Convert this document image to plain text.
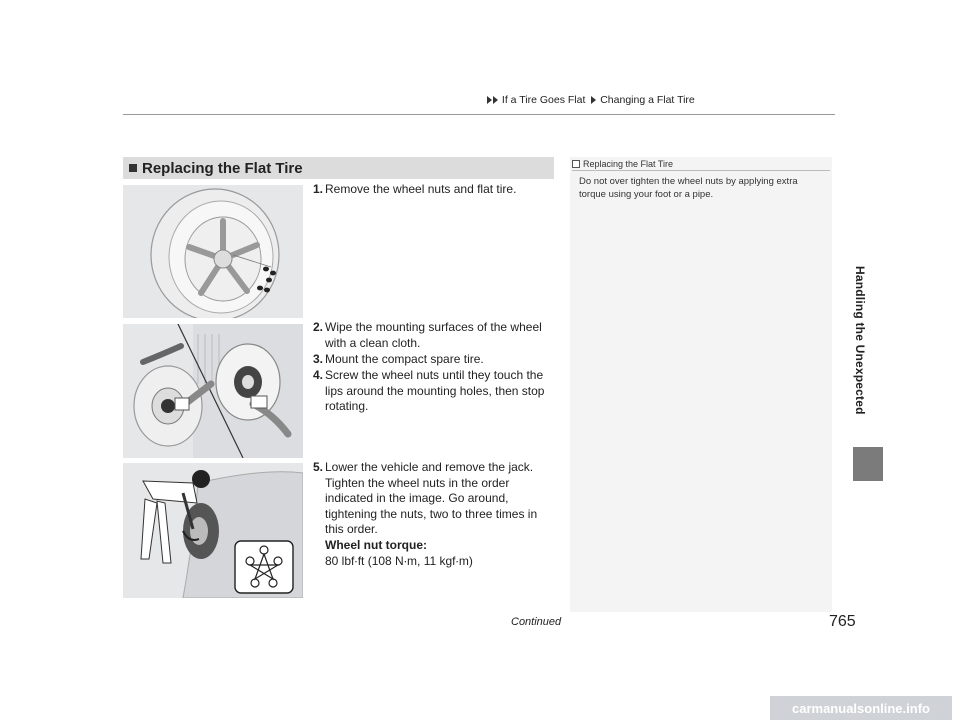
If a Tire Goes Flat Changing a Flat Tire
Handling the Unexpected
Replacing the Flat Tire	Replacing the Flat Tire
Do not over tighten the wheel nuts by applying extra torque using your foot or a pipe.
1. Remove the wheel nuts and flat tire.
2. Wipe the mounting surfaces of the wheel with a clean cloth.
3. Mount the compact spare tire.
4. Screw the wheel nuts until they touch the lips around the mounting holes, then stop rotating.
5. Lower the vehicle and remove the jack. Tighten the wheel nuts in the order indicated in the image. Go around, tightening the nuts, two to three times in this order.
Wheel nut torque:
80 lbf∙ft (108 N∙m, 11 kgf∙m)
Continued	765
carmanualsonline.info
